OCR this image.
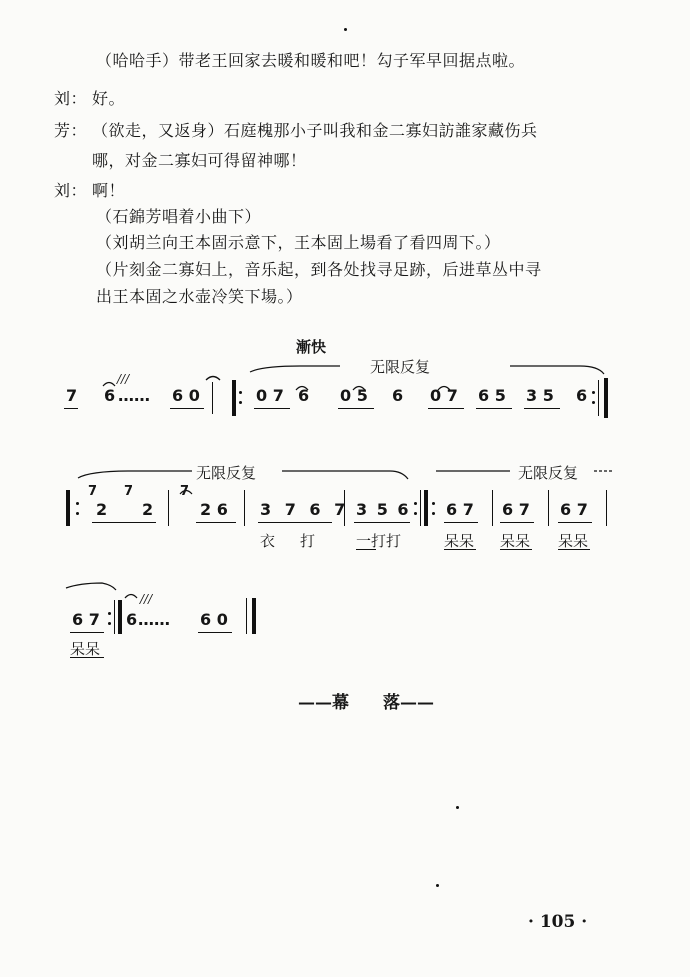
（哈哈手）带老王回家去暖和暖和吧！勾子军早回据点啦。
刘： 好。
芳： （欲走，又返身）石庭槐那小子叫我和金二寡妇訪誰家藏伤兵
哪，对金二寡妇可得留神哪！
刘： 啊！
（石錦芳唱着小曲下）
（刘胡兰向王本固示意下，王本固上場看了看四周下。）
（片刻金二寡妇上，音乐起，到各处找寻足跡，后进草丛中寻
出王本固之水壶冷笑下場。）
漸快
无限反复
///
7 6 …… 6 0	0 7 6 0 5 6 0 7 6 5 3 5 6
无限反复	无限反复
7
2
7
2
7
2 6 3 7 6 7 3 5 6 6 7 6 7 6 7
衣 打	一打打	呆呆 呆呆 呆呆
6 7
///
6 …… 6 0
呆呆
——幕　　落——
· 105 ·
